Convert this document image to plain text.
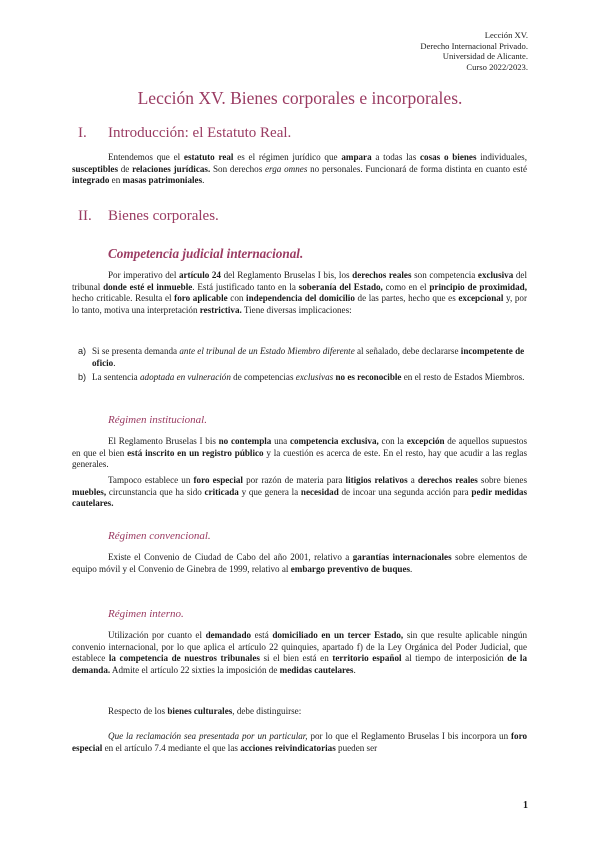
Lección XV.
Derecho Internacional Privado.
Universidad de Alicante.
Curso 2022/2023.
Lección XV. Bienes corporales e incorporales.
I. Introducción: el Estatuto Real.
Entendemos que el estatuto real es el régimen jurídico que ampara a todas las cosas o bienes individuales, susceptibles de relaciones jurídicas. Son derechos erga omnes no personales. Funcionará de forma distinta en cuanto esté integrado en masas patrimoniales.
II. Bienes corporales.
Competencia judicial internacional.
Por imperativo del artículo 24 del Reglamento Bruselas I bis, los derechos reales son competencia exclusiva del tribunal donde esté el inmueble. Está justificado tanto en la soberanía del Estado, como en el principio de proximidad, hecho criticable. Resulta el foro aplicable con independencia del domicilio de las partes, hecho que es excepcional y, por lo tanto, motiva una interpretación restrictiva. Tiene diversas implicaciones:
a) Si se presenta demanda ante el tribunal de un Estado Miembro diferente al señalado, debe declararse incompetente de oficio.
b) La sentencia adoptada en vulneración de competencias exclusivas no es reconocible en el resto de Estados Miembros.
Régimen institucional.
El Reglamento Bruselas I bis no contempla una competencia exclusiva, con la excepción de aquellos supuestos en que el bien está inscrito en un registro público y la cuestión es acerca de este. En el resto, hay que acudir a las reglas generales.
Tampoco establece un foro especial por razón de materia para litigios relativos a derechos reales sobre bienes muebles, circunstancia que ha sido criticada y que genera la necesidad de incoar una segunda acción para pedir medidas cautelares.
Régimen convencional.
Existe el Convenio de Ciudad de Cabo del año 2001, relativo a garantías internacionales sobre elementos de equipo móvil y el Convenio de Ginebra de 1999, relativo al embargo preventivo de buques.
Régimen interno.
Utilización por cuanto el demandado está domiciliado en un tercer Estado, sin que resulte aplicable ningún convenio internacional, por lo que aplica el artículo 22 quinquies, apartado f) de la Ley Orgánica del Poder Judicial, que establece la competencia de nuestros tribunales si el bien está en territorio español al tiempo de interposición de la demanda. Admite el artículo 22 sixties la imposición de medidas cautelares.
Respecto de los bienes culturales, debe distinguirse:
Que la reclamación sea presentada por un particular, por lo que el Reglamento Bruselas I bis incorpora un foro especial en el artículo 7.4 mediante el que las acciones reivindicatorias pueden ser
1
